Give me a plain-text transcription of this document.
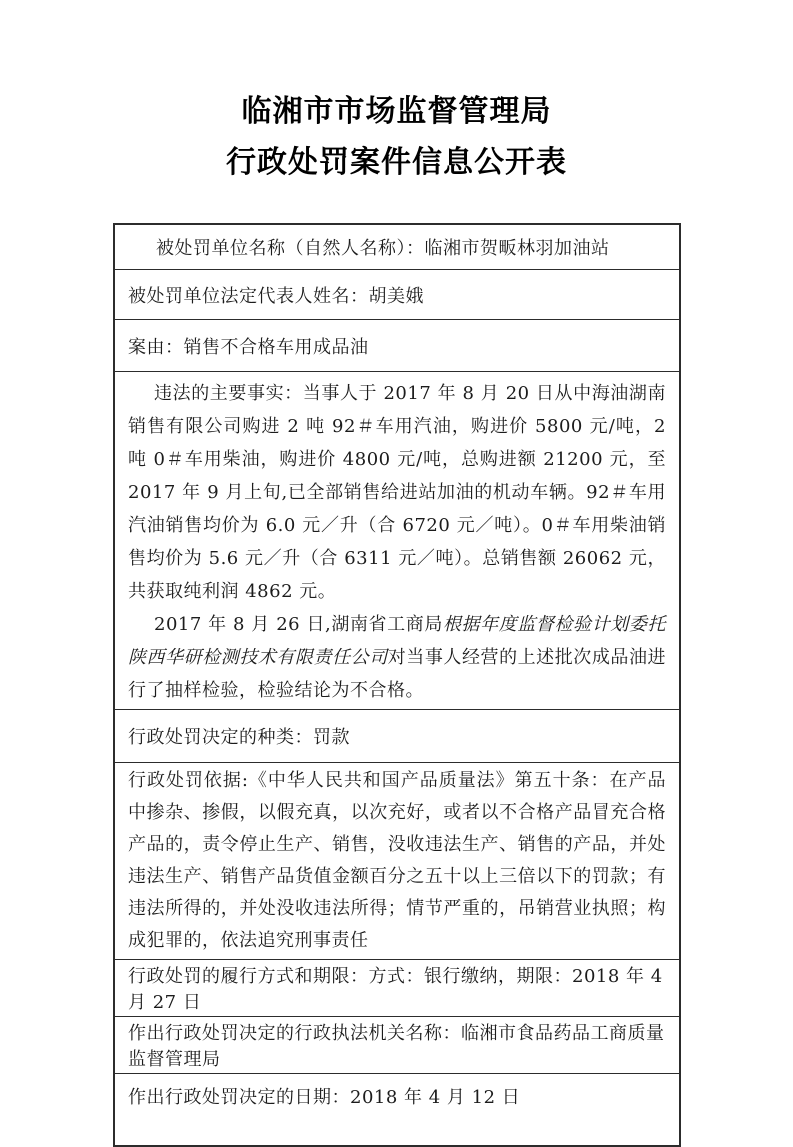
临湘市市场监督管理局
行政处罚案件信息公开表
被处罚单位名称（自然人名称）：临湘市贺畈林羽加油站

被处罚单位法定代表人姓名：胡美娥
案由：销售不合格车用成品油

违法的主要事实：当事人于 2017 年 8 月 20 日从中海油湖南销售有限公司购进 2 吨 92＃车用汽油，购进价 5800 元/吨，2 吨 0＃车用柴油，购进价 4800 元/吨，总购进额 21200 元，至 2017 年 9 月上旬,已全部销售给进站加油的机动车辆。92＃车用汽油销售均价为 6.0 元／升（合 6720 元／吨）。0＃车用柴油销售均价为 5.6 元／升（合 6311 元／吨）。总销售额 26062 元，共获取纯利润 4862 元。

2017 年 8 月 26 日,湖南省工商局根据年度监督检验计划委托陕西华研检测技术有限责任公司对当事人经营的上述批次成品油进行了抽样检验，检验结论为不合格。

行政处罚决定的种类：罚款
行政处罚依据:《中华人民共和国产品质量法》第五十条：在产品中掺杂、掺假，以假充真，以次充好，或者以不合格产品冒充合格产品的，责令停止生产、销售，没收违法生产、销售的产品，并处违法生产、销售产品货值金额百分之五十以上三倍以下的罚款；有违法所得的，并处没收违法所得；情节严重的，吊销营业执照；构成犯罪的，依法追究刑事责任
行政处罚的履行方式和期限：方式：银行缴纳，期限：2018 年 4 月 27 日
作出行政处罚决定的行政执法机关名称：临湘市食品药品工商质量监督管理局
作出行政处罚决定的日期：2018 年 4 月 12 日
